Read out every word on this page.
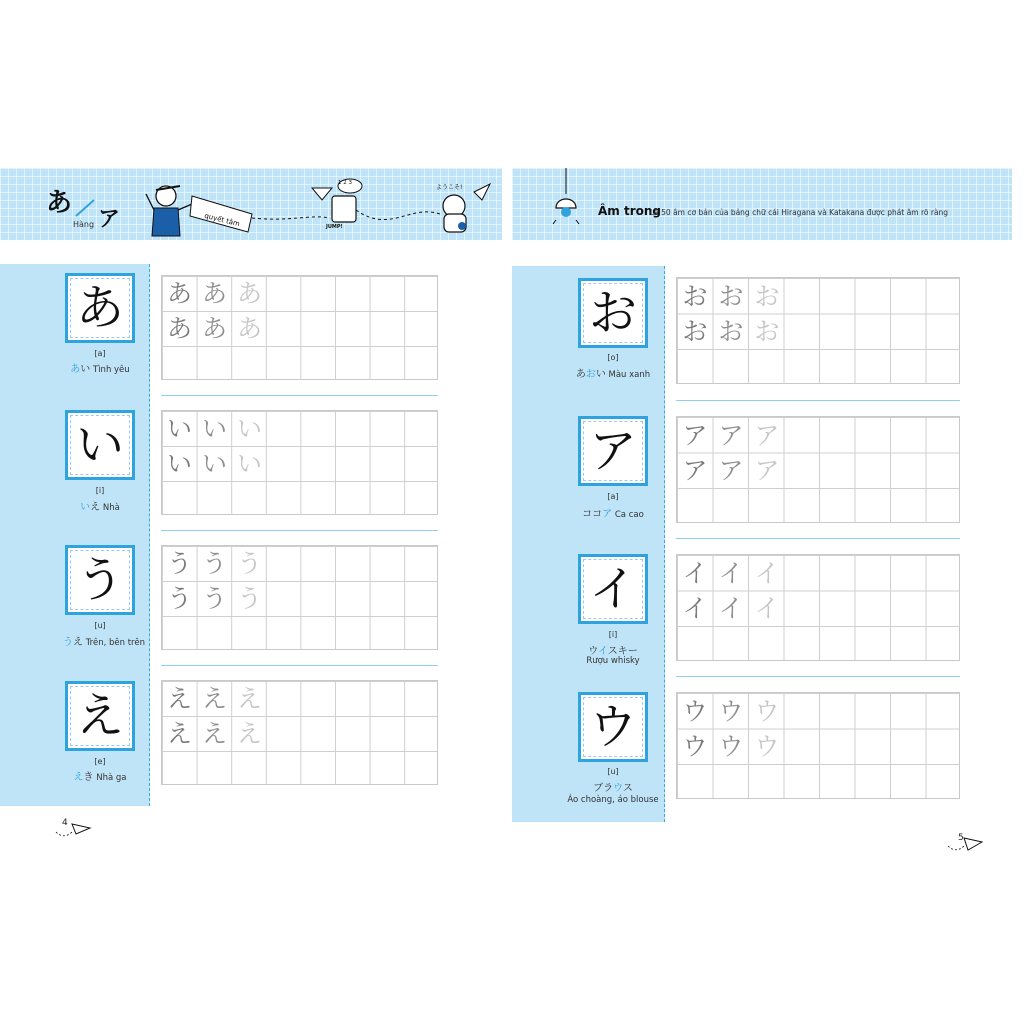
あ
ア
Hàng	quyết tâm
1 2 3
JUMP!
ようこそ!
あ
[a]
あい Tình yêu
い
[i]
いえ Nhà
う
[u]
うえ Trên, bên trên
え
[e]
えき Nhà ga
あ あ あ
あ あ あ
い い い
い い い
う う う
う う う
え え え
え え え
4
Âm trong
Là 50 âm cơ bản của bảng chữ cái Hiragana và Katakana được phát âm rõ ràng
お
[o]
あおい Màu xanh
ア
[a]
ココア Ca cao
イ
[i]
ウイスキー
Rượu whisky
ウ
[u]
ブラウス
Áo choàng, áo blouse
お お お
お お お
ア ア ア
ア ア ア
イ イ イ
イ イ イ
ウ ウ ウ
ウ ウ ウ
5
